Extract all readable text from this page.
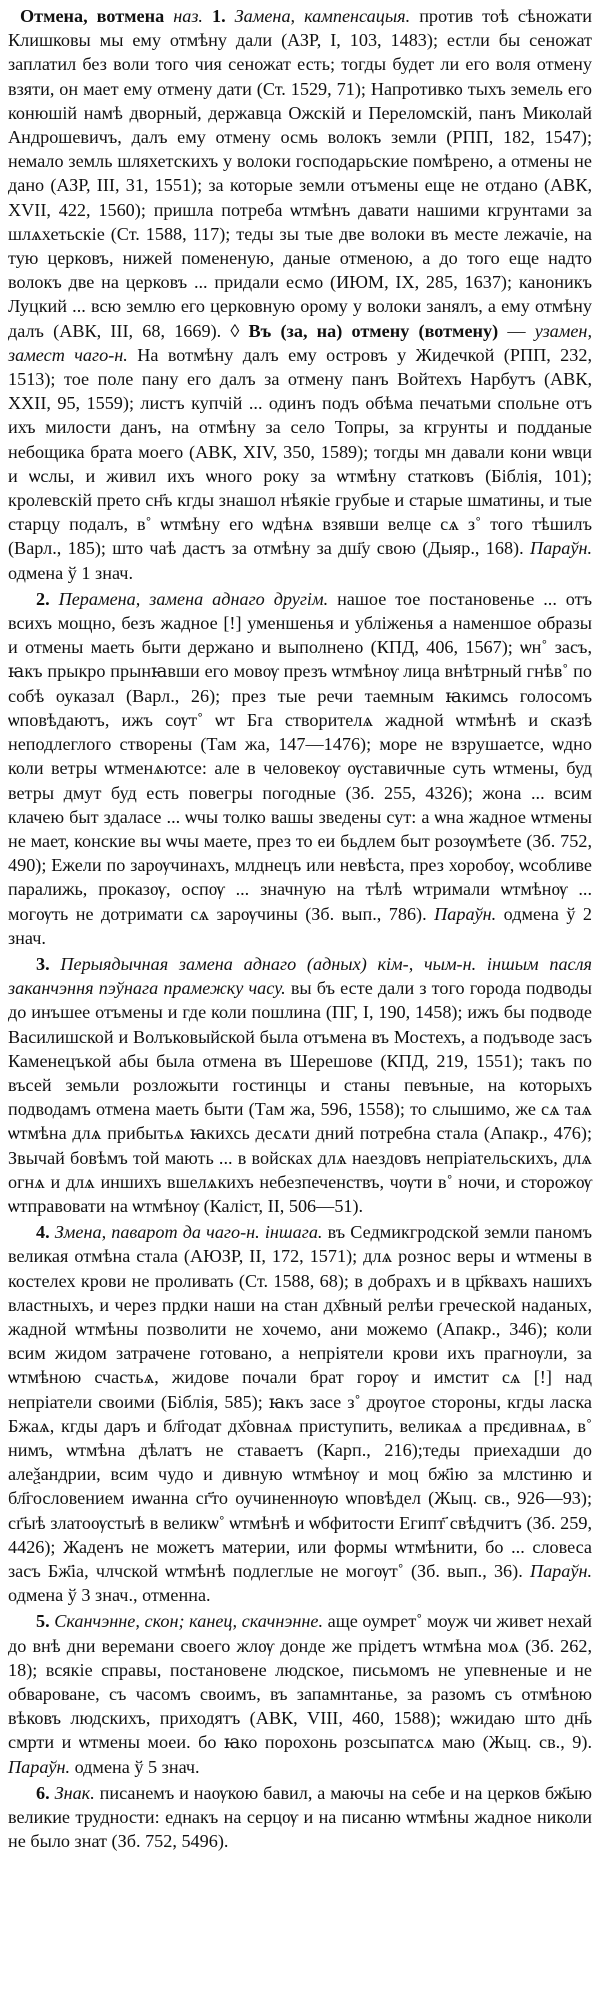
Отмена, вотмена наз. 1. Замена, кампенсацыя. против тоѣ сѣножати Клишковы мы ему отмѣну дали (АЗР, I, 103, 1483); естли бы сеножат заплатил без воли того чия сеножат есть; тогды будет ли его воля отмену взяти, он мает ему отмену дати (Ст. 1529, 71); Напротивко тыхъ земель его конюшій намѣ дворный, державца Ожскій и Переломскій, панъ Миколай Андрошевичъ, далъ ему отмену осмь волокъ земли (РПП, 182, 1547); немало земль шляхетскихъ у волоки господарьские помѣрено, а отмены не дано (АЗР, III, 31, 1551); за которые земли отъмены еще не отдано (АВК, XVII, 422, 1560); пришла потреба ѡтмѣнъ давати нашими кгрунтами за шлѧхетьскіе (Ст. 1588, 117); теды зы тые две волоки въ месте лежачіе, на тую церковъ, нижей помененую, даные отменою, а до того еще надто волокъ две на церковъ ... придали есмо (ИЮМ, IX, 285, 1637); каноникъ Луцкий ... всю землю его церковную орому у волоки занялъ, а ему отмѣну далъ (АВК, III, 68, 1669). ◊ Въ (за, на) отмену (вотмену) — узамен, замест чаго-н. На вотмѣну далъ ему островъ у Жидечкой (РПП, 232, 1513); тое поле пану его далъ за отмену панъ Войтехъ Нарбутъ (АВК, XXII, 95, 1559); листъ купчій ... одинъ подъ обѣма печатьми спольне отъ ихъ милости данъ, на отмѣну за село Топры, за кгрунты и подданые небощика брата моего (АВК, XIV, 350, 1589); тогды мн давали кони ѡвци и ѡслы, и живил ихъ ѡного року за ѡтмѣну статковъ (Біблія, 101); кролевскій прето сн҃ъ кгды знашол нѣякіе грубые и старые шматины, и тые старцу подалъ, в˚ ѡтмѣну его ѡдѣнѧ взявши велце сѧ з˚ того тѣшилъ (Варл., 185); што чаѣ дастъ за отмѣну за дш҃у свою (Дыяр., 168). Параўн. одмена ў 1 знач.

2. Перамена, замена аднаго другім. нашое тое постановенье ... отъ всихъ мощно, безъ жадное [!] уменшенья и убліженья а наменшое образы и отмены маеть быти держано и выполнено (КПД, 406, 1567); ѡн˚ засъ, ꙗкъ прыкро прынꙗвши его мовѹ презъ ѡтмѣнѹ лица внѣтрный гнѣв˚ по собѣ оуказал (Варл., 26); през тые речи таемным ꙗкимсь голосомъ ѡповѣдаютъ, ижъ сѹт˚ ѡт Бга створителѧ жадной ѡтмѣнѣ и сказѣ неподлеглого створены (Там жа, 147—1476); море не взрушаетсе, ѡдно коли ветры ѡтменѧютсе: але в человекѹ ѹставичные суть ѡтмены, буд ветры дмут буд есть повегры погодные (Зб. 255, 4326); жона ... всим клачею быт здаласе ... ѡчы толко вашы зведены сут: а ѡна жадное ѡтмены не мает, конские вы ѡчы маете, през то еи бьдлем быт розѹмѣете (Зб. 752, 490); Ежели по зарѹчинахъ, млднецъ или невѣста, през хоробѹ, ѡсобливе паралижь, проказѹ, оспѹ ... значную на тѣлѣ ѡтримали ѡтмѣнѹ ... могѹть не дотримати сѧ зарѹчины (Зб. вып., 786). Параўн. одмена ў 2 знач.

3. Перыядычная замена аднаго (адных) кім-, чым-н. іншым пасля заканчэння пэўнага прамежку часу. вы бъ есте дали з того города подводы до инъшее отъмены и где коли пошлина (ПГ, I, 190, 1458); ижъ бы подводе Василишской и Волъковыйской была отъмена въ Мостехъ, а подъводе засъ Каменецъкой абы была отмена въ Шерешове (КПД, 219, 1551); такъ по въсей земьли розложыти гостинцы и станы певъные, на которыхъ подводамъ отмена маеть быти (Там жа, 596, 1558); то слышимо, же сѧ таѧ ѡтмѣна длѧ прибытьѧ ꙗкихсь десѧти дний потребна стала (Апакр., 476); Звычай бовѣмъ той мають ... в войсках длѧ наездовъ непріательскихъ, длѧ огнѧ и длѧ иншихъ вшелѧкихъ небезпеченствъ, чѹти в˚ ночи, и сторожѹ ѡтправовати на ѡтмѣнѹ (Каліст, II, 506—51).

4. Змена, паварот да чаго-н. іншага. въ Седмикгродской земли паномъ великая отмѣна стала (АЮЗР, II, 172, 1571); длѧ рознос веры и ѡтмены в костелех крови не проливать (Ст. 1588, 68); в добрахъ и в цр҃квахъ нашихъ властныхъ, и через прдки наши на стан дх҃вный релѣи греческой наданых, жадной ѡтмѣны позволити не хочемо, ани можемо (Апакр., 346); коли всим жидом затрачене готовано, а непріятели крови ихъ прагнѹли, за ѡтмѣною счастьѧ, жидове почали брат горѹ и имстит сѧ [!] над непріатели своими (Біблія, 585); ꙗкъ засе з˚ дрѹгое стороны, кгды ласка Бжаѧ, кгды даръ и бл҃годат дх҃овнаѧ приступить, великаѧ а прєдивнаѧ, в˚ нимъ, ѡтмѣна дѣлатъ не ставаетъ (Карп., 216);теды приехадши до алеѯандрии, всим чудо и дивную ѡтмѣнѹ и моц бж҃ію за млстиню и бл҃гословением иѡанна сг҃то оучиненнѹю ѡповѣдел (Жыц. св., 926—93); сг҃ыѣ златоѹстыѣ в великѡ˚ ѡтмѣнѣ и ѡбфитости Египт҃ свѣдчитъ (Зб. 259, 4426); Жаденъ не можетъ материи, или формы ѡтмѣнити, бо ... словеса засъ Бж҃іа, члчской ѡтмѣнѣ подлеглые не могѹт˚ (Зб. вып., 36). Параўн. одмена ў 3 знач., отменна.

5. Сканчэнне, скон; канец, скачнэнне. аще оумрет˚ моуж чи живет нехай до внѣ дни веремани своего жлѹ донде же прідетъ ѡтмѣна моѧ (Зб. 262, 18); всякіе справы, постановене людское, письмомъ не упевненые и не обвароване, съ часомъ своимъ, въ запамнтанье, за разомъ съ отмѣною вѣковъ людскихъ, приходятъ (АВК, VIII, 460, 1588); ѡжидаю што дн҃ь смрти и ѡтмены моеи. бо ꙗко порохонь розсыпатсѧ маю (Жыц. св., 9). Параўн. одмена ў 5 знач.

6. Знак. писанемъ и наѹкою бавил, а маючы на себе и на церков бж҃ыю великие трудности: еднакъ на серцѹ и на писаню ѡтмѣны жадное николи не было знат (Зб. 752, 5496).
